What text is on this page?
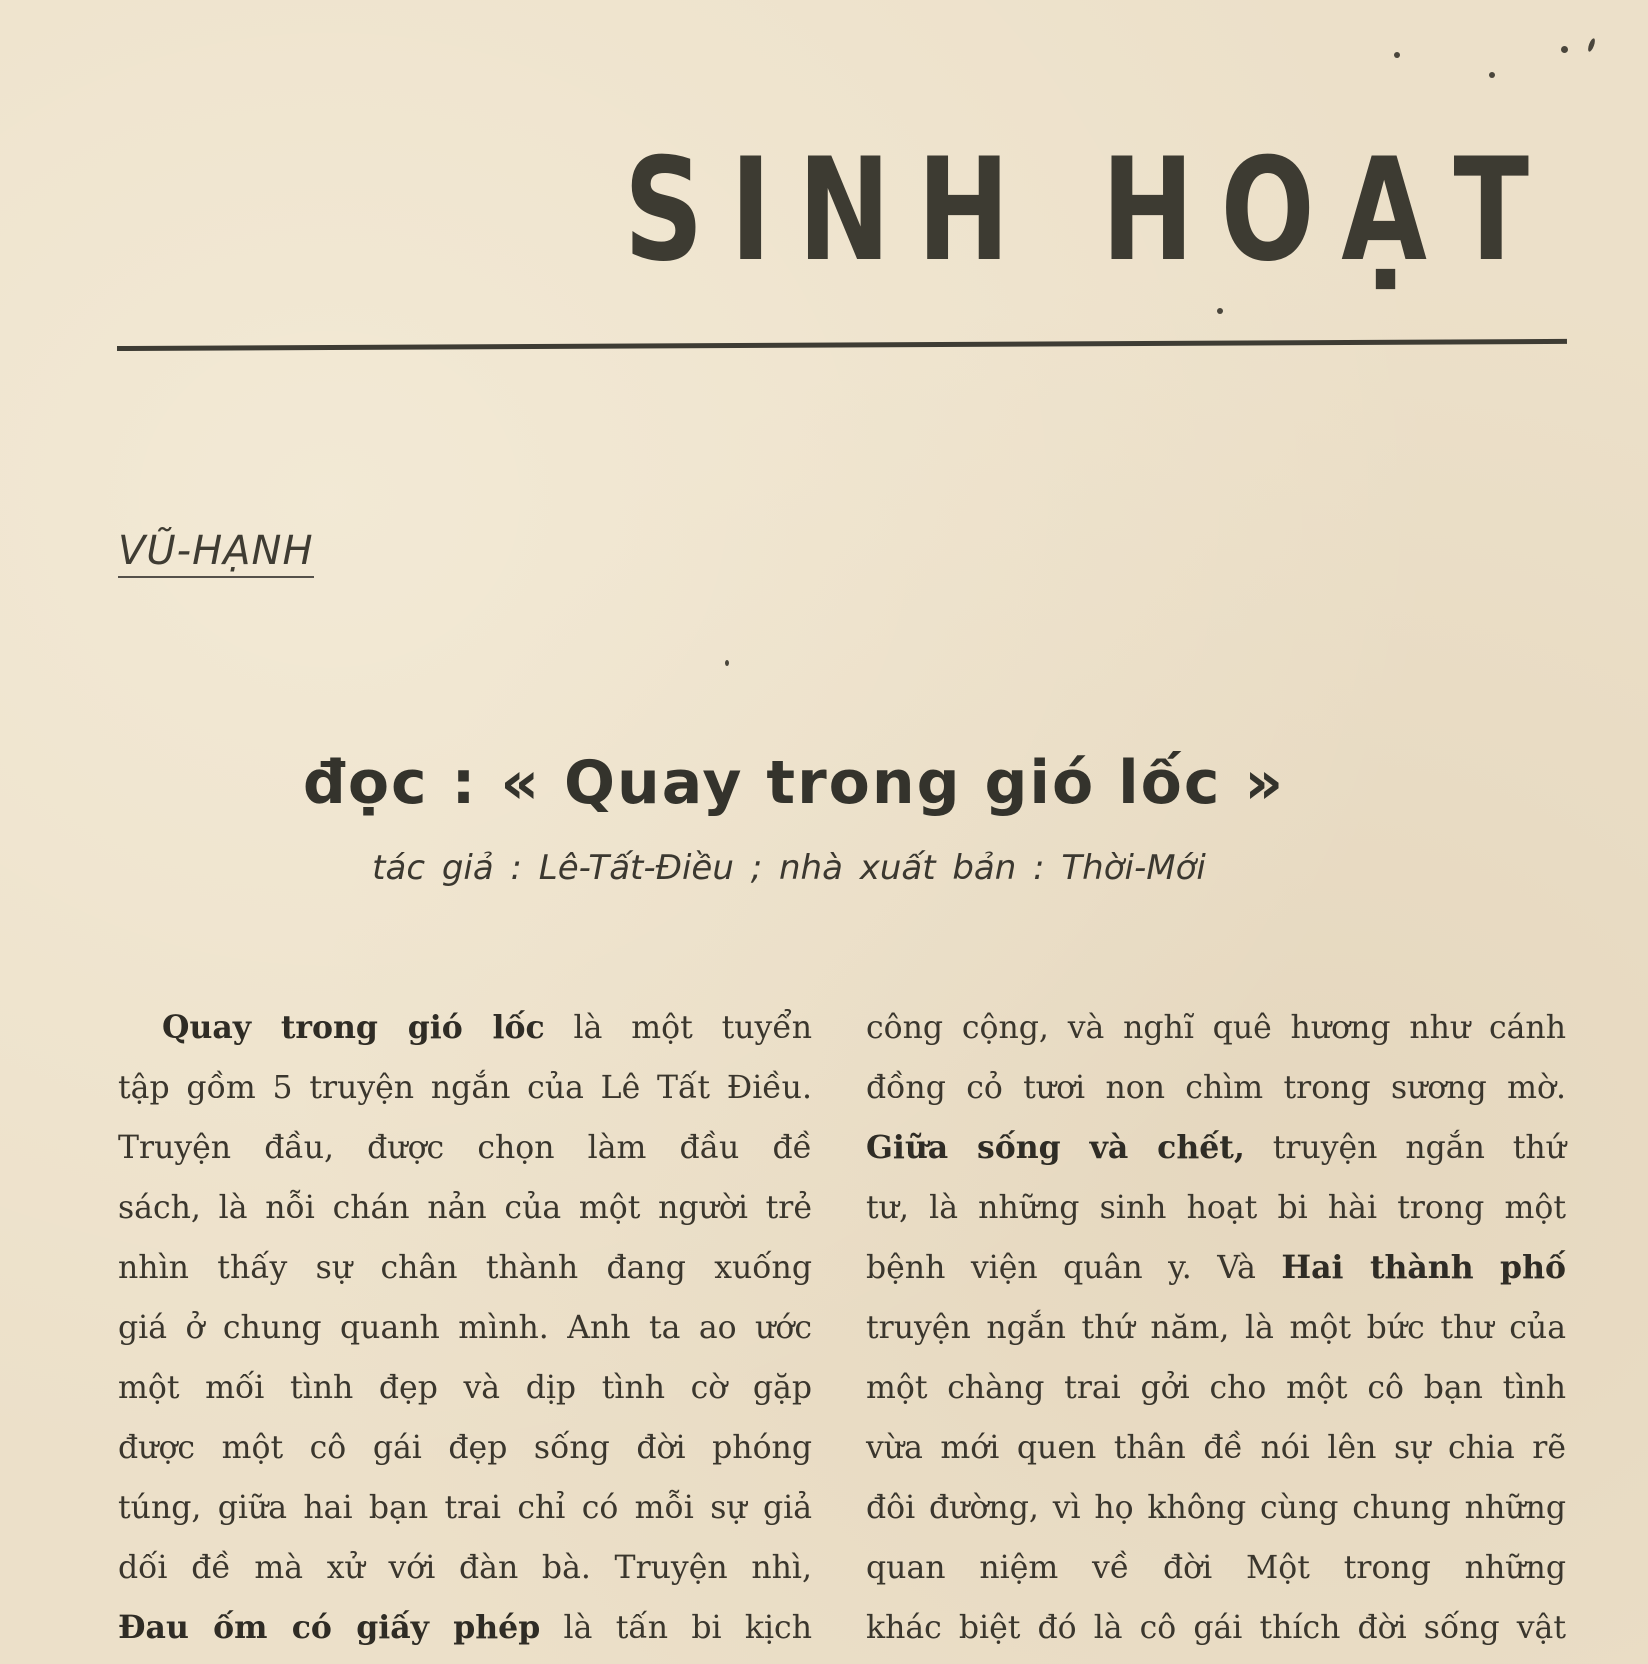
SINH HOẠT
VŨ-HẠNH
đọc : « Quay trong gió lốc »
tác giả : Lê-Tất-Điều ; nhà xuất bản : Thời-Mới
Quay trong gió lốc là một tuyển
tập gồm 5 truyện ngắn của Lê Tất Điều.
Truyện đầu, được chọn làm đầu đề
sách, là nỗi chán nản của một người trẻ
nhìn thấy sự chân thành đang xuống
giá ở chung quanh mình. Anh ta ao ước
một mối tình đẹp và dịp tình cờ gặp
được một cô gái đẹp sống đời phóng
túng, giữa hai bạn trai chỉ có mỗi sự giả
dối đề mà xử với đàn bà. Truyện nhì,
Đau ốm có giấy phép là tấn bi kịch
công cộng, và nghĩ quê hương như cánh
đồng cỏ tươi non chìm trong sương mờ.
Giữa sống và chết, truyện ngắn thứ
tư, là những sinh hoạt bi hài trong một
bệnh viện quân y. Và Hai thành phố
truyện ngắn thứ năm, là một bức thư của
một chàng trai gởi cho một cô bạn tình
vừa mới quen thân đề nói lên sự chia rẽ
đôi đường, vì họ không cùng chung những
quan niệm về đời Một trong những
khác biệt đó là cô gái thích đời sống vật
